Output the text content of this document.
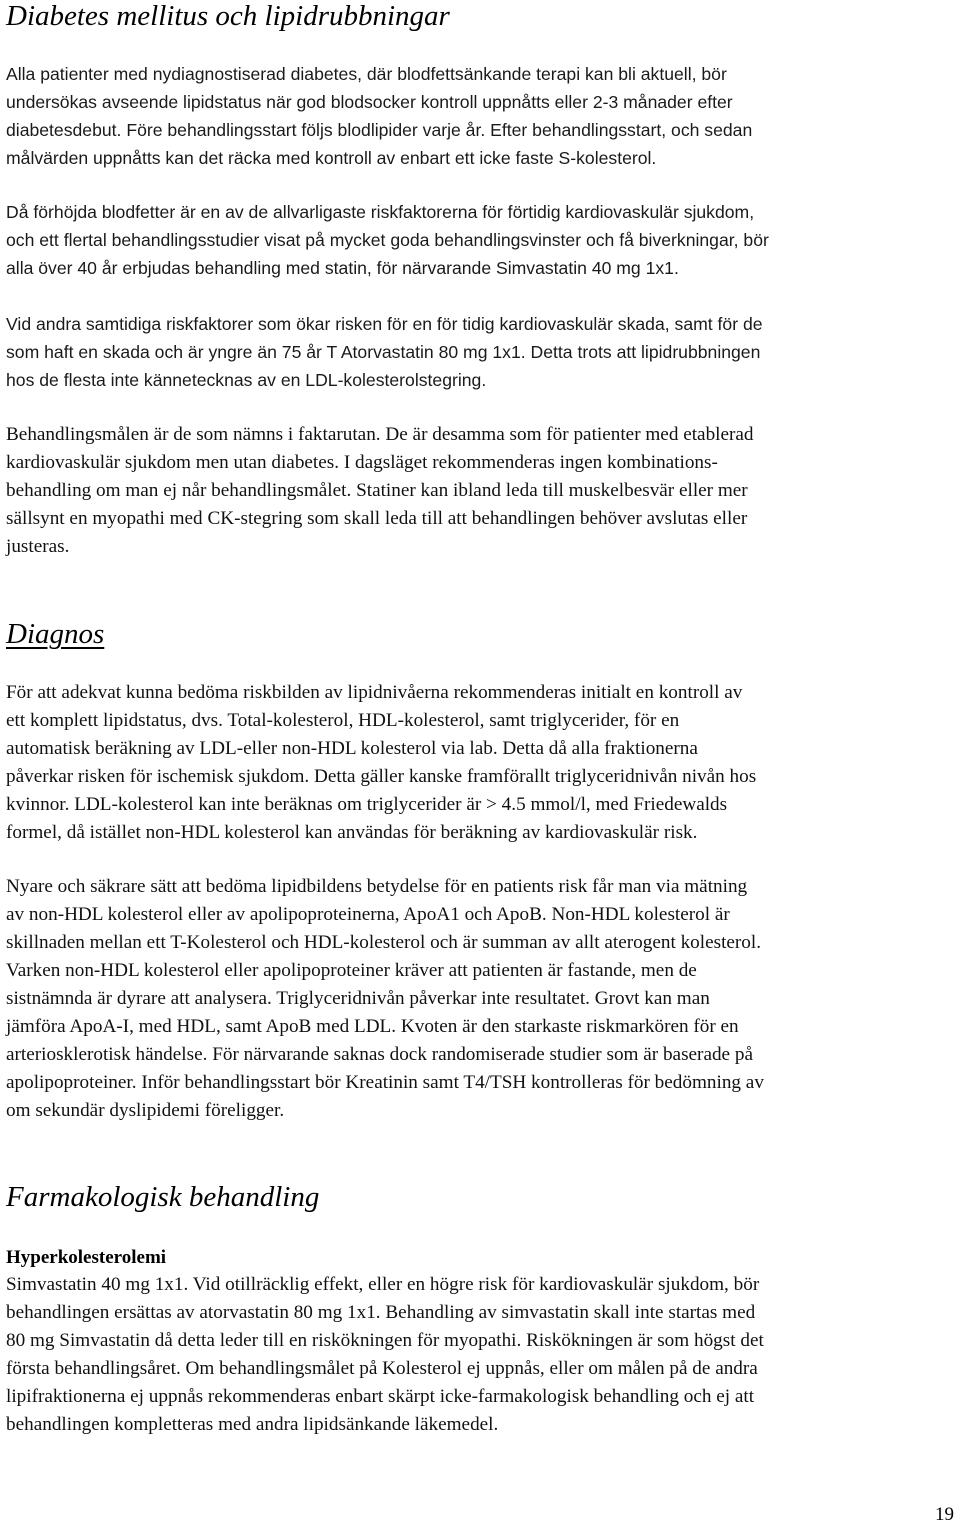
Diabetes mellitus och lipidrubbningar

Alla patienter med nydiagnostiserad diabetes, där blodfettsänkande terapi kan bli aktuell, bör
undersökas avseende lipidstatus när god blodsocker kontroll uppnåtts eller 2-3 månader efter
diabetesdebut. Före behandlingsstart följs blodlipider varje år. Efter behandlingsstart, och sedan
målvärden uppnåtts kan det räcka med kontroll av enbart ett icke faste S-kolesterol.

Då förhöjda blodfetter är en av de allvarligaste riskfaktorerna för förtidig kardiovaskulär sjukdom,
och ett flertal behandlingsstudier visat på mycket goda behandlingsvinster och få biverkningar, bör
alla över 40 år erbjudas behandling med statin, för närvarande Simvastatin 40 mg 1x1.

Vid andra samtidiga riskfaktorer som ökar risken för en för tidig kardiovaskulär skada, samt för de
som haft en skada och är yngre än 75 år T Atorvastatin 80 mg 1x1. Detta trots att lipidrubbningen
hos de flesta inte kännetecknas av en LDL-kolesterolstegring.

Behandlingsmålen är de som nämns i faktarutan. De är desamma som för patienter med etablerad
kardiovaskulär sjukdom men utan diabetes. I dagsläget rekommenderas ingen kombinations-
behandling om man ej når behandlingsmålet. Statiner kan ibland leda till muskelbesvär eller mer
sällsynt en myopathi med CK-stegring som skall leda till att behandlingen behöver avslutas eller
justeras.

Diagnos

För att adekvat kunna bedöma riskbilden av lipidnivåerna rekommenderas initialt en kontroll av
ett komplett lipidstatus, dvs. Total-kolesterol, HDL-kolesterol, samt triglycerider, för en
automatisk beräkning av LDL-eller non-HDL kolesterol via lab. Detta då alla fraktionerna
påverkar risken för ischemisk sjukdom. Detta gäller kanske framförallt triglyceridnivån nivån hos
kvinnor. LDL-kolesterol kan inte beräknas om triglycerider är > 4.5 mmol/l, med Friedewalds
formel, då istället non-HDL kolesterol kan användas för beräkning av kardiovaskulär risk.

Nyare och säkrare sätt att bedöma lipidbildens betydelse för en patients risk får man via mätning
av non-HDL kolesterol eller av apolipoproteinerna, ApoA1 och ApoB. Non-HDL kolesterol är
skillnaden mellan ett T-Kolesterol och HDL-kolesterol och är summan av allt aterogent kolesterol.
Varken non-HDL kolesterol eller apolipoproteiner kräver att patienten är fastande, men de
sistnämnda är dyrare att analysera. Triglyceridnivån påverkar inte resultatet. Grovt kan man
jämföra ApoA-I, med HDL, samt ApoB med LDL. Kvoten är den starkaste riskmarkören för en
arteriosklerotisk händelse. För närvarande saknas dock randomiserade studier som är baserade på
apolipoproteiner. Inför behandlingsstart bör Kreatinin samt T4/TSH kontrolleras för bedömning av
om sekundär dyslipidemi föreligger.

Farmakologisk behandling
Hyperkolesterolemi

Simvastatin 40 mg 1x1. Vid otillräcklig effekt, eller en högre risk för kardiovaskulär sjukdom, bör
behandlingen ersättas av atorvastatin 80 mg 1x1. Behandling av simvastatin skall inte startas med
80 mg Simvastatin då detta leder till en riskökningen för myopathi. Riskökningen är som högst det
första behandlingsåret. Om behandlingsmålet på Kolesterol ej uppnås, eller om målen på de andra
lipifraktionerna ej uppnås rekommenderas enbart skärpt icke-farmakologisk behandling och ej att
behandlingen kompletteras med andra lipidsänkande läkemedel.

19
